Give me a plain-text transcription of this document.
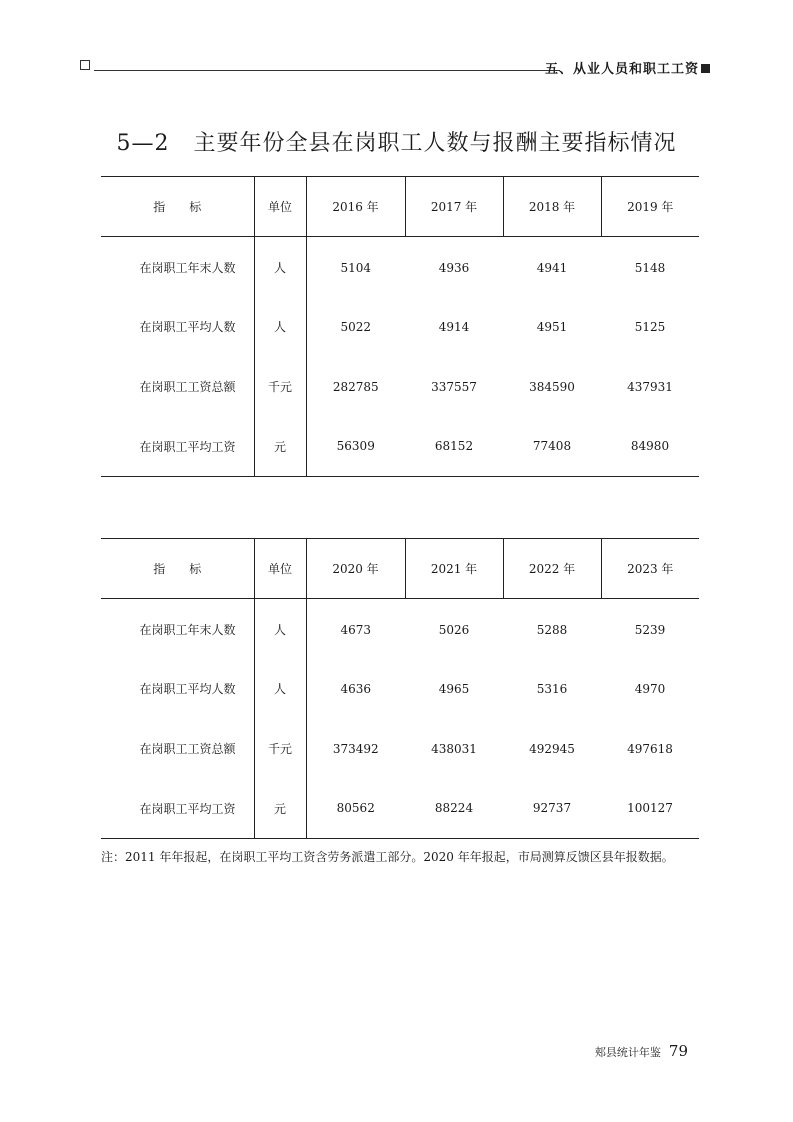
五、从业人员和职工工资
5—2 主要年份全县在岗职工人数与报酬主要指标情况
指　　标	单位	2016 年	2017 年	2018 年	2019 年
在岗职工年末人数	人	5104	4936	4941	5148
在岗职工平均人数	人	5022	4914	4951	5125
在岗职工工资总额	千元	282785	337557	384590	437931
在岗职工平均工资	元	56309	68152	77408	84980
指　　标	单位	2020 年	2021 年	2022 年	2023 年
在岗职工年末人数	人	4673	5026	5288	5239
在岗职工平均人数	人	4636	4965	5316	4970
在岗职工工资总额	千元	373492	438031	492945	497618
在岗职工平均工资	元	80562	88224	92737	100127
注：2011 年年报起，在岗职工平均工资含劳务派遣工部分。2020 年年报起，市局测算反馈区县年报数据。
郏县统计年鉴 79
